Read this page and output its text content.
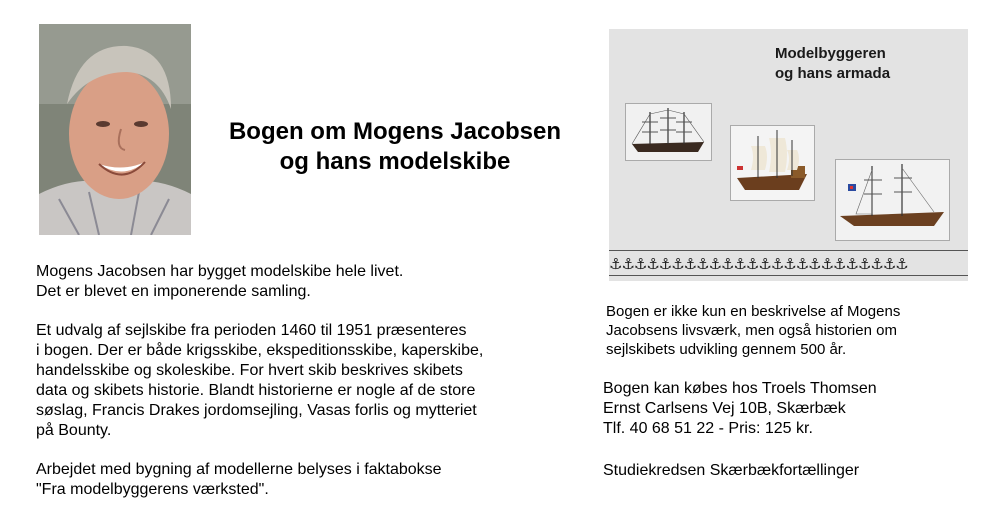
Bogen om Mogens Jacobsen
og hans modelskibe
Mogens Jacobsen har bygget modelskibe hele livet.
Det er blevet en imponerende samling.
Et udvalg af sejlskibe fra perioden 1460 til 1951 præsenteres
i bogen. Der er både krigsskibe, ekspeditionsskibe, kaperskibe,
handelsskibe og skoleskibe. For hvert skib beskrives skibets
data og skibets historie. Blandt historierne er nogle af de store
søslag, Francis Drakes jordomsejling, Vasas forlis og mytteriet
på Bounty.
Arbejdet med bygning af modellerne belyses i faktabokse
"Fra modelbyggerens værksted".
Modelbyggeren
og hans armada
⚓⚓⚓⚓⚓⚓⚓⚓⚓⚓⚓⚓⚓⚓⚓⚓⚓⚓⚓⚓⚓⚓⚓⚓
Bogen er ikke kun en beskrivelse af Mogens
Jacobsens livsværk, men også historien om
sejlskibets udvikling gennem 500 år.
Bogen kan købes hos Troels Thomsen
Ernst Carlsens Vej 10B, Skærbæk
Tlf. 40 68 51 22 - Pris: 125 kr.
Studiekredsen Skærbækfortællinger
